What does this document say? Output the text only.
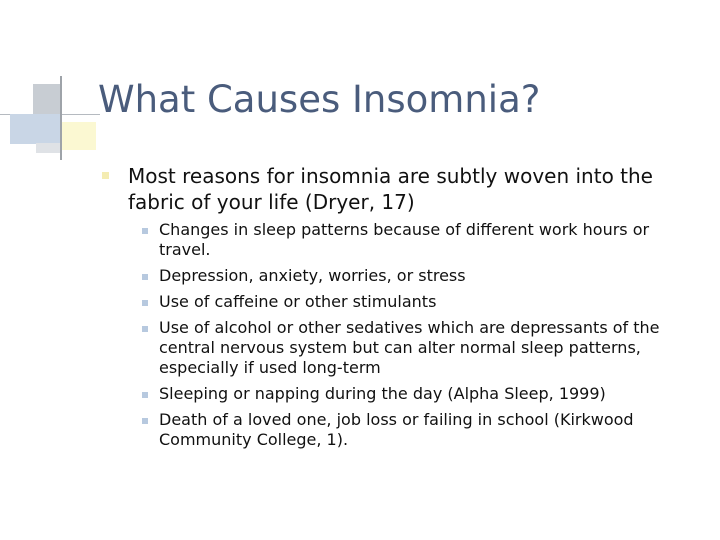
What Causes Insomnia?
Most reasons for insomnia are subtly woven into the fabric of your life (Dryer, 17)
Changes in sleep patterns because of different work hours or travel.
Depression, anxiety, worries, or stress
Use of caffeine or other stimulants
Use of alcohol or other sedatives which are depressants of the central nervous system but can alter normal sleep patterns, especially if used long-term
Sleeping or napping during the day (Alpha Sleep, 1999)
Death of a loved one, job loss or failing in school (Kirkwood Community College, 1).
